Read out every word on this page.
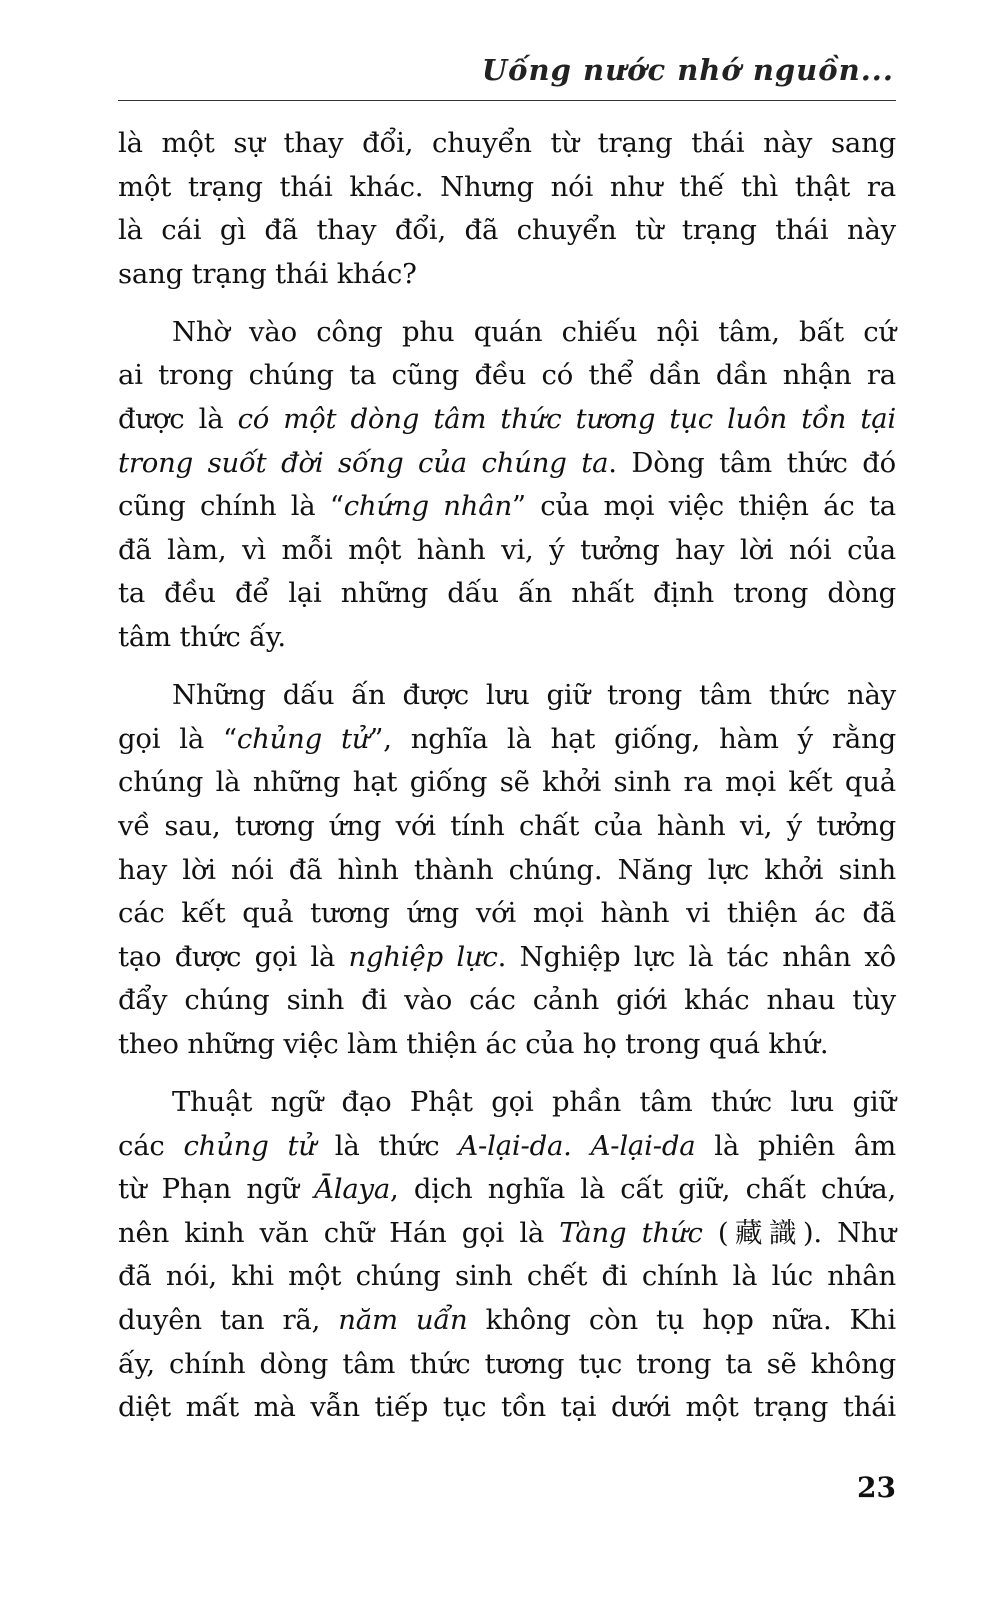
Uống nước nhớ nguồn...
là một sự thay đổi, chuyển từ trạng thái này sang
một trạng thái khác. Nhưng nói như thế thì thật ra
là cái gì đã thay đổi, đã chuyển từ trạng thái này
sang trạng thái khác?
Nhờ vào công phu quán chiếu nội tâm, bất cứ
ai trong chúng ta cũng đều có thể dần dần nhận ra
được là có một dòng tâm thức tương tục luôn tồn tại
trong suốt đời sống của chúng ta. Dòng tâm thức đó
cũng chính là “chứng nhân” của mọi việc thiện ác ta
đã làm, vì mỗi một hành vi, ý tưởng hay lời nói của
ta đều để lại những dấu ấn nhất định trong dòng
tâm thức ấy.
Những dấu ấn được lưu giữ trong tâm thức này
gọi là “chủng tử”, nghĩa là hạt giống, hàm ý rằng
chúng là những hạt giống sẽ khởi sinh ra mọi kết quả
về sau, tương ứng với tính chất của hành vi, ý tưởng
hay lời nói đã hình thành chúng. Năng lực khởi sinh
các kết quả tương ứng với mọi hành vi thiện ác đã
tạo được gọi là nghiệp lực. Nghiệp lực là tác nhân xô
đẩy chúng sinh đi vào các cảnh giới khác nhau tùy
theo những việc làm thiện ác của họ trong quá khứ.
Thuật ngữ đạo Phật gọi phần tâm thức lưu giữ
các chủng tử là thức A-lại-da. A-lại-da là phiên âm
từ Phạn ngữ Ālaya, dịch nghĩa là cất giữ, chất chứa,
nên kinh văn chữ Hán gọi là Tàng thức (藏識). Như
đã nói, khi một chúng sinh chết đi chính là lúc nhân
duyên tan rã, năm uẩn không còn tụ họp nữa. Khi
ấy, chính dòng tâm thức tương tục trong ta sẽ không
diệt mất mà vẫn tiếp tục tồn tại dưới một trạng thái
23
